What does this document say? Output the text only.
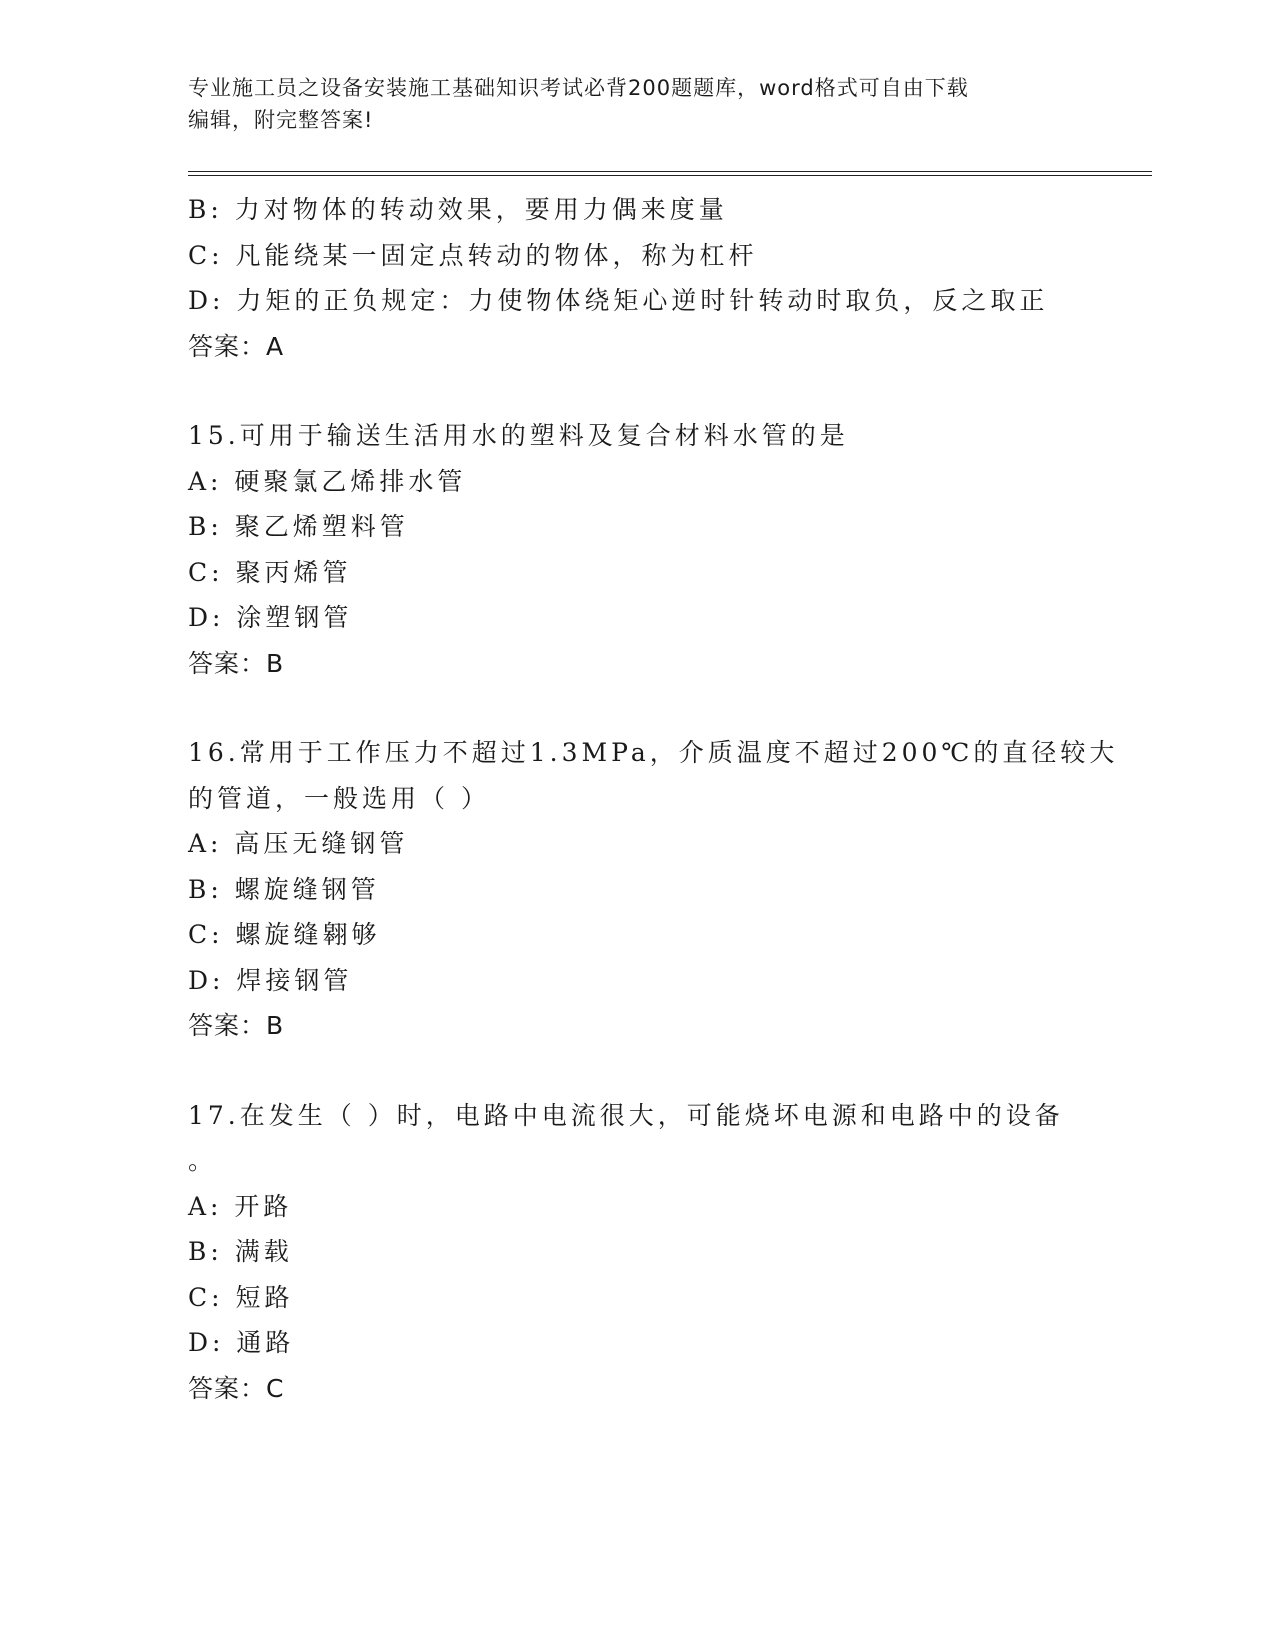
专业施工员之设备安装施工基础知识考试必背200题题库，word格式可自由下载
编辑，附完整答案!
B: 力对物体的转动效果，要用力偶来度量
C: 凡能绕某一固定点转动的物体，称为杠杆
D: 力矩的正负规定：力使物体绕矩心逆时针转动时取负，反之取正
答案：A
15.可用于输送生活用水的塑料及复合材料水管的是
A: 硬聚氯乙烯排水管
B: 聚乙烯塑料管
C: 聚丙烯管
D: 涂塑钢管
答案：B
16.常用于工作压力不超过1.3MPa，介质温度不超过200℃的直径较大
的管道，一般选用（ ）
A: 高压无缝钢管
B: 螺旋缝钢管
C: 螺旋缝翱够
D: 焊接钢管
答案：B
17.在发生（ ）时，电路中电流很大，可能烧坏电源和电路中的设备
。
A: 开路
B: 满载
C: 短路
D: 通路
答案：C
